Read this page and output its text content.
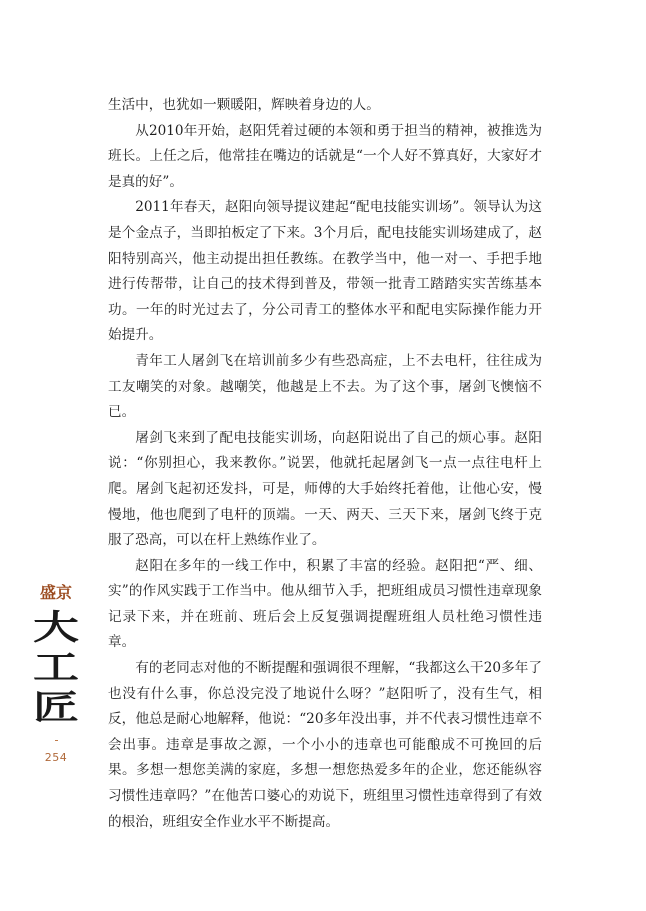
生活中，也犹如一颗暖阳，辉映着身边的人。

从2010年开始，赵阳凭着过硬的本领和勇于担当的精神，被推选为班长。上任之后，他常挂在嘴边的话就是“一个人好不算真好，大家好才是真的好”。

2011年春天，赵阳向领导提议建起“配电技能实训场”。领导认为这是个金点子，当即拍板定了下来。3个月后，配电技能实训场建成了，赵阳特别高兴，他主动提出担任教练。在教学当中，他一对一、手把手地进行传帮带，让自己的技术得到普及，带领一批青工踏踏实实苦练基本功。一年的时光过去了，分公司青工的整体水平和配电实际操作能力开始提升。

青年工人屠剑飞在培训前多少有些恐高症，上不去电杆，往往成为工友嘲笑的对象。越嘲笑，他越是上不去。为了这个事，屠剑飞懊恼不已。

屠剑飞来到了配电技能实训场，向赵阳说出了自己的烦心事。赵阳说：“你别担心，我来教你。”说罢，他就托起屠剑飞一点一点往电杆上爬。屠剑飞起初还发抖，可是，师傅的大手始终托着他，让他心安，慢慢地，他也爬到了电杆的顶端。一天、两天、三天下来，屠剑飞终于克服了恐高，可以在杆上熟练作业了。

赵阳在多年的一线工作中，积累了丰富的经验。赵阳把“严、细、实”的作风实践于工作当中。他从细节入手，把班组成员习惯性违章现象记录下来，并在班前、班后会上反复强调提醒班组人员杜绝习惯性违章。

有的老同志对他的不断提醒和强调很不理解，“我都这么干20多年了也没有什么事，你总没完没了地说什么呀？”赵阳听了，没有生气，相反，他总是耐心地解释，他说：“20多年没出事，并不代表习惯性违章不会出事。违章是事故之源，一个小小的违章也可能酿成不可挽回的后果。多想一想您美满的家庭，多想一想您热爱多年的企业，您还能纵容习惯性违章吗？”在他苦口婆心的劝说下，班组里习惯性违章得到了有效的根治，班组安全作业水平不断提高。

盛京
大工匠
254
